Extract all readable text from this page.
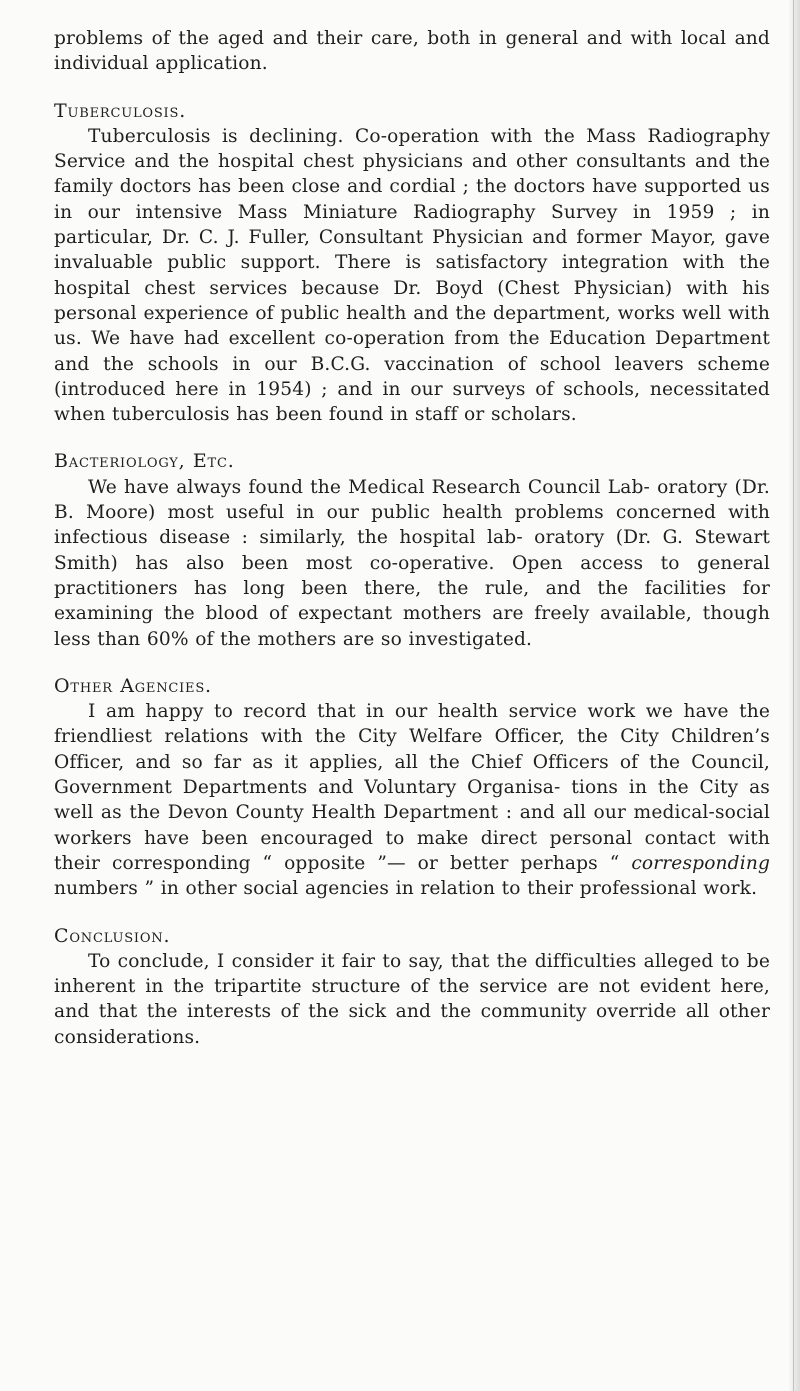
problems of the aged and their care, both in general and with local and individual application.

Tuberculosis.

Tuberculosis is declining. Co-operation with the Mass Radiography Service and the hospital chest physicians and other consultants and the family doctors has been close and cordial ; the doctors have supported us in our intensive Mass Miniature Radiography Survey in 1959 ; in particular, Dr. C. J. Fuller, Consultant Physician and former Mayor, gave invaluable public support. There is satisfactory integration with the hospital chest services because Dr. Boyd (Chest Physician) with his personal experience of public health and the department, works well with us. We have had excellent co-operation from the Education Department and the schools in our B.C.G. vaccination of school leavers scheme (introduced here in 1954) ; and in our surveys of schools, necessitated when tuberculosis has been found in staff or scholars.

Bacteriology, Etc.

We have always found the Medical Research Council Lab- oratory (Dr. B. Moore) most useful in our public health problems concerned with infectious disease : similarly, the hospital lab- oratory (Dr. G. Stewart Smith) has also been most co-operative. Open access to general practitioners has long been there, the rule, and the facilities for examining the blood of expectant mothers are freely available, though less than 60% of the mothers are so investigated.

Other Agencies.

I am happy to record that in our health service work we have the friendliest relations with the City Welfare Officer, the City Children’s Officer, and so far as it applies, all the Chief Officers of the Council, Government Departments and Voluntary Organisa- tions in the City as well as the Devon County Health Department : and all our medical-social workers have been encouraged to make direct personal contact with their corresponding “ opposite ”— or better perhaps “ corresponding numbers ” in other social agencies in relation to their professional work.

Conclusion.

To conclude, I consider it fair to say, that the difficulties alleged to be inherent in the tripartite structure of the service are not evident here, and that the interests of the sick and the community override all other considerations.
